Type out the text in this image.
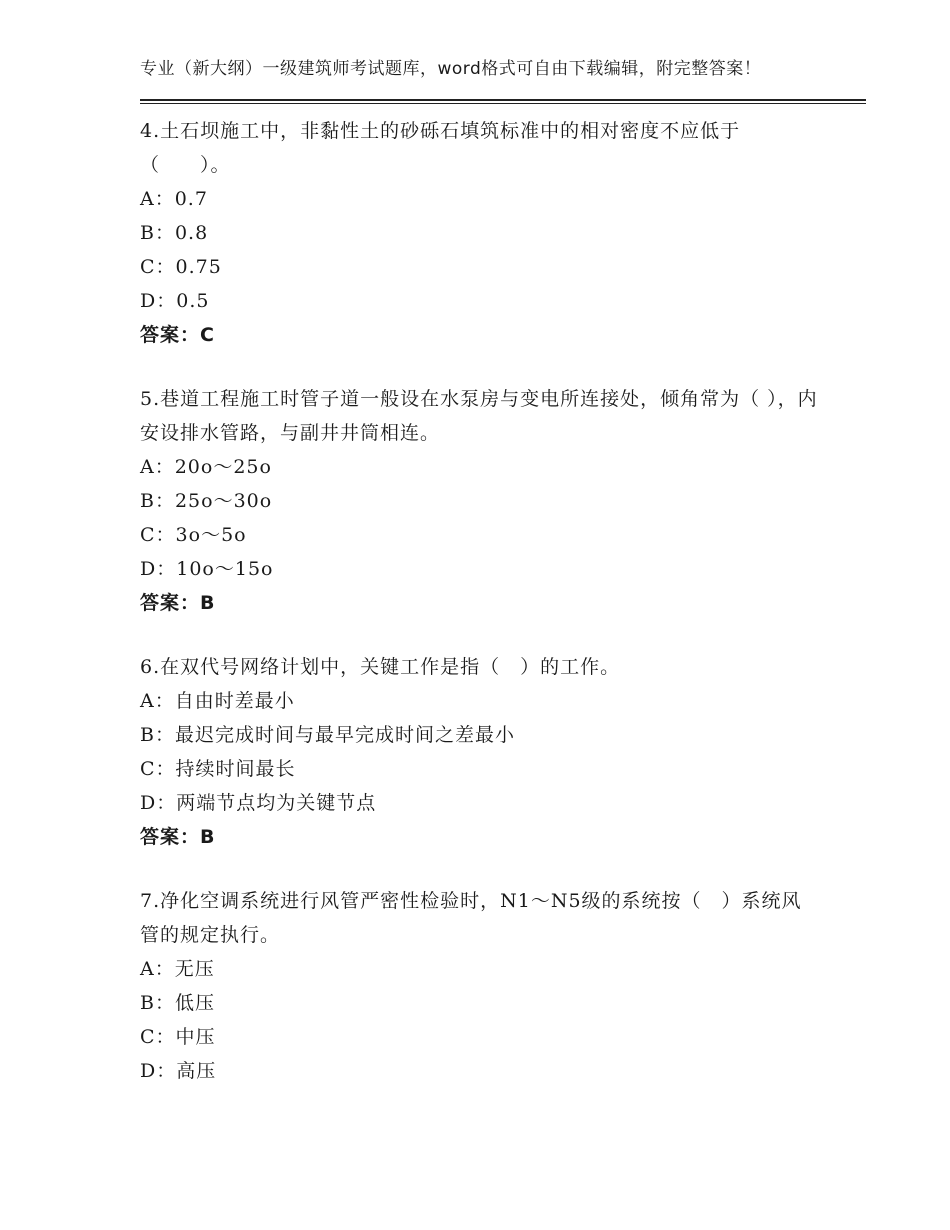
专业（新大纲）一级建筑师考试题库，word格式可自由下载编辑，附完整答案！
4.土石坝施工中，非黏性土的砂砾石填筑标准中的相对密度不应低于（　　）。
A：0.7
B：0.8
C：0.75
D：0.5
答案：C
5.巷道工程施工时管子道一般设在水泵房与变电所连接处，倾角常为（ ），内安设排水管路，与副井井筒相连。
A：20o～25o
B：25o～30o
C：3o～5o
D：10o～15o
答案：B
6.在双代号网络计划中，关键工作是指（　）的工作。
A：自由时差最小
B：最迟完成时间与最早完成时间之差最小
C：持续时间最长
D：两端节点均为关键节点
答案：B
7.净化空调系统进行风管严密性检验时，N1～N5级的系统按（　）系统风管的规定执行。
A：无压
B：低压
C：中压
D：高压
